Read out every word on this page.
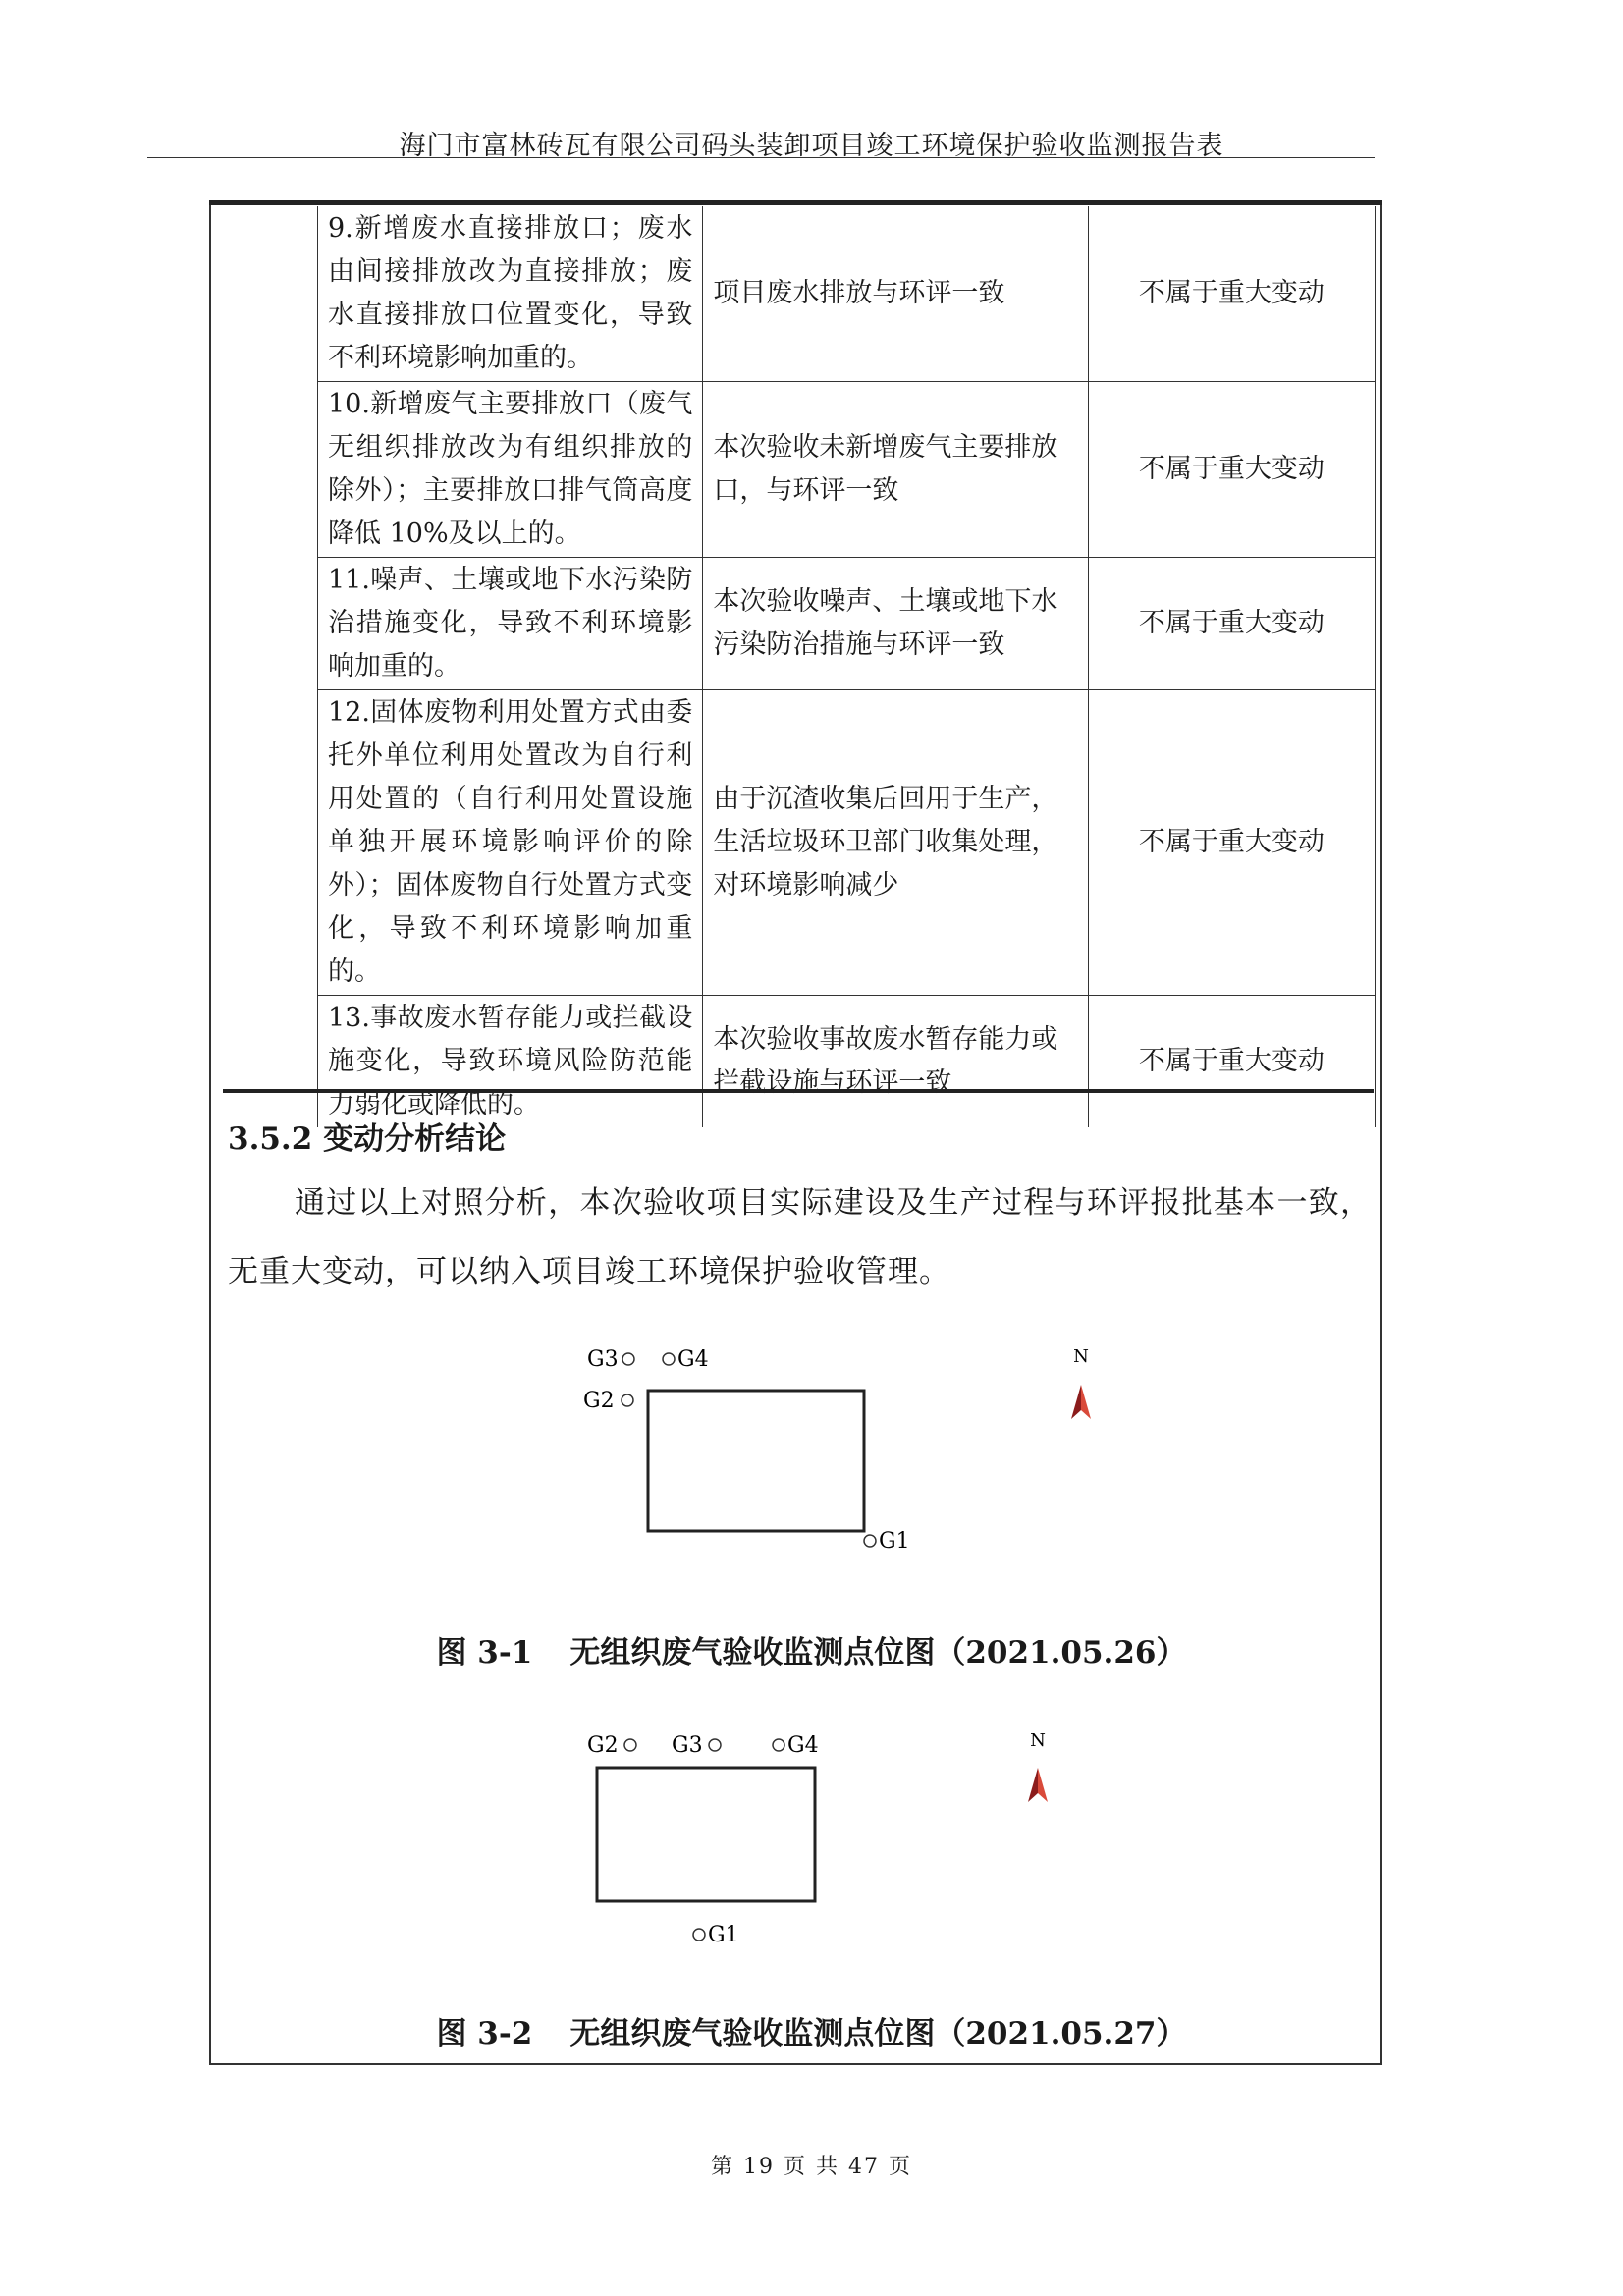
海门市富林砖瓦有限公司码头装卸项目竣工环境保护验收监测报告表
9.新增废水直接排放口；废水由间接排放改为直接排放；废水直接排放口位置变化，导致不利环境影响加重的。	项目废水排放与环评一致	不属于重大变动
10.新增废气主要排放口（废气无组织排放改为有组织排放的除外）；主要排放口排气筒高度降低 10%及以上的。	本次验收未新增废气主要排放口，与环评一致	不属于重大变动
11.噪声、土壤或地下水污染防治措施变化，导致不利环境影响加重的。	本次验收噪声、土壤或地下水污染防治措施与环评一致	不属于重大变动
12.固体废物利用处置方式由委托外单位利用处置改为自行利用处置的（自行利用处置设施单独开展环境影响评价的除外）；固体废物自行处置方式变化，导致不利环境影响加重的。	由于沉渣收集后回用于生产，生活垃圾环卫部门收集处理，对环境影响减少	不属于重大变动
13.事故废水暂存能力或拦截设施变化，导致环境风险防范能力弱化或降低的。	本次验收事故废水暂存能力或拦截设施与环评一致	不属于重大变动
3.5.2 变动分析结论
通过以上对照分析，本次验收项目实际建设及生产过程与环评报批基本一致，无重大变动，可以纳入项目竣工环境保护验收管理。
G3	G4
G2
G1
N
图 3-1 无组织废气验收监测点位图（2021.05.26）
G2 G3	G4
G1
N
图 3-2 无组织废气验收监测点位图（2021.05.27）
第 19 页 共 47 页
